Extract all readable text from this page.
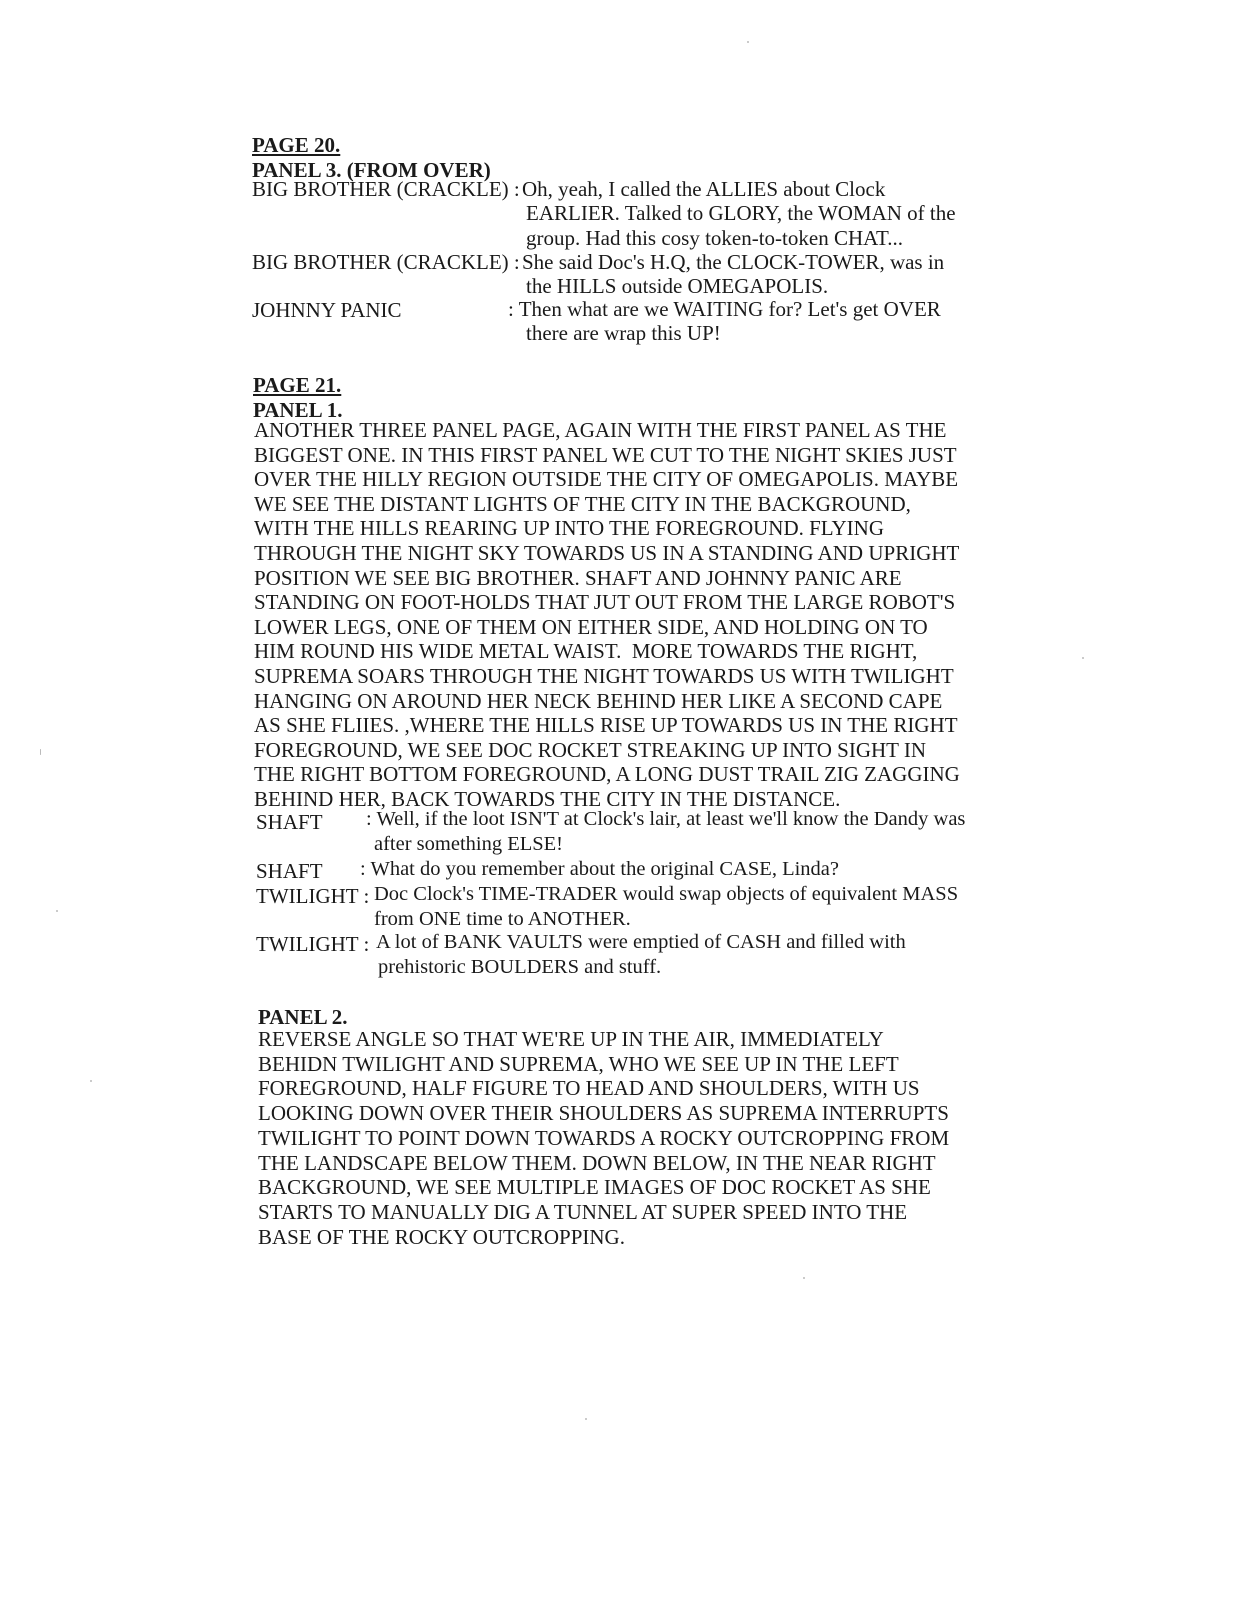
PAGE 20.
PANEL 3. (FROM OVER)
BIG BROTHER (CRACKLE) : Oh, yeah, I called the ALLIES about Clock
EARLIER. Talked to GLORY, the WOMAN of the
group. Had this cosy token-to-token CHAT...
BIG BROTHER (CRACKLE) : She said Doc's H.Q, the CLOCK-TOWER, was in
the HILLS outside OMEGAPOLIS.
JOHNNY PANIC	: Then what are we WAITING for? Let's get OVER
there are wrap this UP!
PAGE 21.
PANEL 1.
ANOTHER THREE PANEL PAGE, AGAIN WITH THE FIRST PANEL AS THE
BIGGEST ONE. IN THIS FIRST PANEL WE CUT TO THE NIGHT SKIES JUST
OVER THE HILLY REGION OUTSIDE THE CITY OF OMEGAPOLIS. MAYBE
WE SEE THE DISTANT LIGHTS OF THE CITY IN THE BACKGROUND,
WITH THE HILLS REARING UP INTO THE FOREGROUND. FLYING
THROUGH THE NIGHT SKY TOWARDS US IN A STANDING AND UPRIGHT
POSITION WE SEE BIG BROTHER. SHAFT AND JOHNNY PANIC ARE
STANDING ON FOOT-HOLDS THAT JUT OUT FROM THE LARGE ROBOT'S
LOWER LEGS, ONE OF THEM ON EITHER SIDE, AND HOLDING ON TO
HIM ROUND HIS WIDE METAL WAIST.  MORE TOWARDS THE RIGHT,
SUPREMA SOARS THROUGH THE NIGHT TOWARDS US WITH TWILIGHT
HANGING ON AROUND HER NECK BEHIND HER LIKE A SECOND CAPE
AS SHE FLIIES. ,WHERE THE HILLS RISE UP TOWARDS US IN THE RIGHT
FOREGROUND, WE SEE DOC ROCKET STREAKING UP INTO SIGHT IN
THE RIGHT BOTTOM FOREGROUND, A LONG DUST TRAIL ZIG ZAGGING
BEHIND HER, BACK TOWARDS THE CITY IN THE DISTANCE.
SHAFT : Well, if the loot ISN'T at Clock's lair, at least we'll know the Dandy was
after something ELSE!
SHAFT : What do you remember about the original CASE, Linda?
TWILIGHT : Doc Clock's TIME-TRADER would swap objects of equivalent MASS
from ONE time to ANOTHER.
TWILIGHT : A lot of BANK VAULTS were emptied of CASH and filled with
prehistoric BOULDERS and stuff.
PANEL 2.
REVERSE ANGLE SO THAT WE'RE UP IN THE AIR, IMMEDIATELY
BEHIDN TWILIGHT AND SUPREMA, WHO WE SEE UP IN THE LEFT
FOREGROUND, HALF FIGURE TO HEAD AND SHOULDERS, WITH US
LOOKING DOWN OVER THEIR SHOULDERS AS SUPREMA INTERRUPTS
TWILIGHT TO POINT DOWN TOWARDS A ROCKY OUTCROPPING FROM
THE LANDSCAPE BELOW THEM. DOWN BELOW, IN THE NEAR RIGHT
BACKGROUND, WE SEE MULTIPLE IMAGES OF DOC ROCKET AS SHE
STARTS TO MANUALLY DIG A TUNNEL AT SUPER SPEED INTO THE
BASE OF THE ROCKY OUTCROPPING.
